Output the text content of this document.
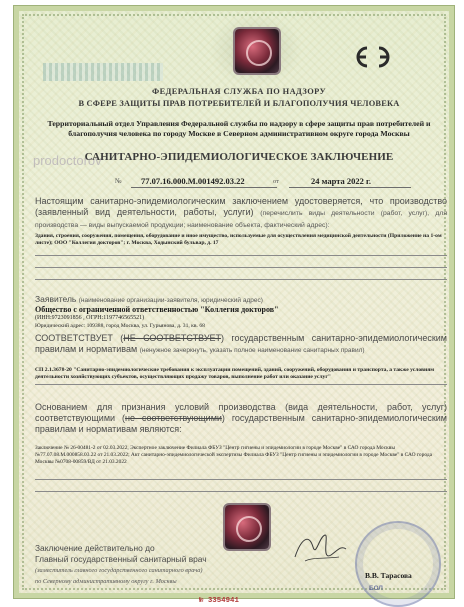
ФЕДЕРАЛЬНАЯ СЛУЖБА ПО НАДЗОРУ
В СФЕРЕ ЗАЩИТЫ ПРАВ ПОТРЕБИТЕЛЕЙ И БЛАГОПОЛУЧИЯ ЧЕЛОВЕКА
Территориальный отдел Управления Федеральной службы по надзору в сфере защиты прав потребителей и благополучия человека по городу Москве в Северном административном округе города Москвы
prodoctorov
САНИТАРНО-ЭПИДЕМИОЛОГИЧЕСКОЕ ЗАКЛЮЧЕНИЕ
№ 77.07.16.000.М.001492.03.22	от	24 марта 2022 г.
Настоящим санитарно-эпидемиологическим заключением удостоверяется, что производство (заявленный вид деятельности, работы, услуги) (перечислить виды деятельности (работ, услуг), для производства — виды выпускаемой продукции; наименование объекта, фактический адрес):
Здания, строения, сооружения, помещения, оборудование и иное имущество, используемые для осуществления медицинской деятельности (Приложение на 1-ом листе); ООО "Коллегия докторов"; г. Москва, Ходынский бульвар, д. 17
Заявитель (наименование организации-заявителя, юридический адрес)
Общество с ограниченной ответственностью "Коллегия докторов"
(ИНН:9723091856 , ОГРН:1197746565521)
Юридический адрес: 109388, город Москва, ул. Гурьянова, д. 31, кв. 68
СООТВЕТСТВУЕТ (НЕ СООТВЕТСТВУЕТ) государственным санитарно-эпидемиологическим правилам и нормативам (ненужное зачеркнуть, указать полное наименование санитарных правил)
СП 2.1.3678-20 "Санитарно-эпидемиологические требования к эксплуатации помещений, зданий, сооружений, оборудования и транспорта, а также условиям деятельности хозяйствующих субъектов, осуществляющих продажу товаров, выполнение работ или оказание услуг"
Основанием для признания условий производства (вида деятельности, работ, услуг) соответствующими (не соответствующими) государственным санитарно-эпидемиологическим правилам и нормативам являются:
Заключение № 26-00481-2 от 02.03.2022, Экспертное заключение Филиала ФБУЗ "Центр гигиены и эпидемиологии в городе Москве" в САО города Москвы №77.07.08.М.000858.03.22 от 21.03.2022; Акт санитарно-эпидемиологической экспертизы Филиала ФБУЗ "Центр гигиены и эпидемиологии в городе Москве" в САО города Москвы №0708-00859/ВД от 21.03.2022
Заключение действительно до
Главный государственный санитарный врач
(заместитель главного государственного санитарного врача)
по Северному административному округу г. Москвы
БОЛ
В.В. Тарасова
№ 3354941
